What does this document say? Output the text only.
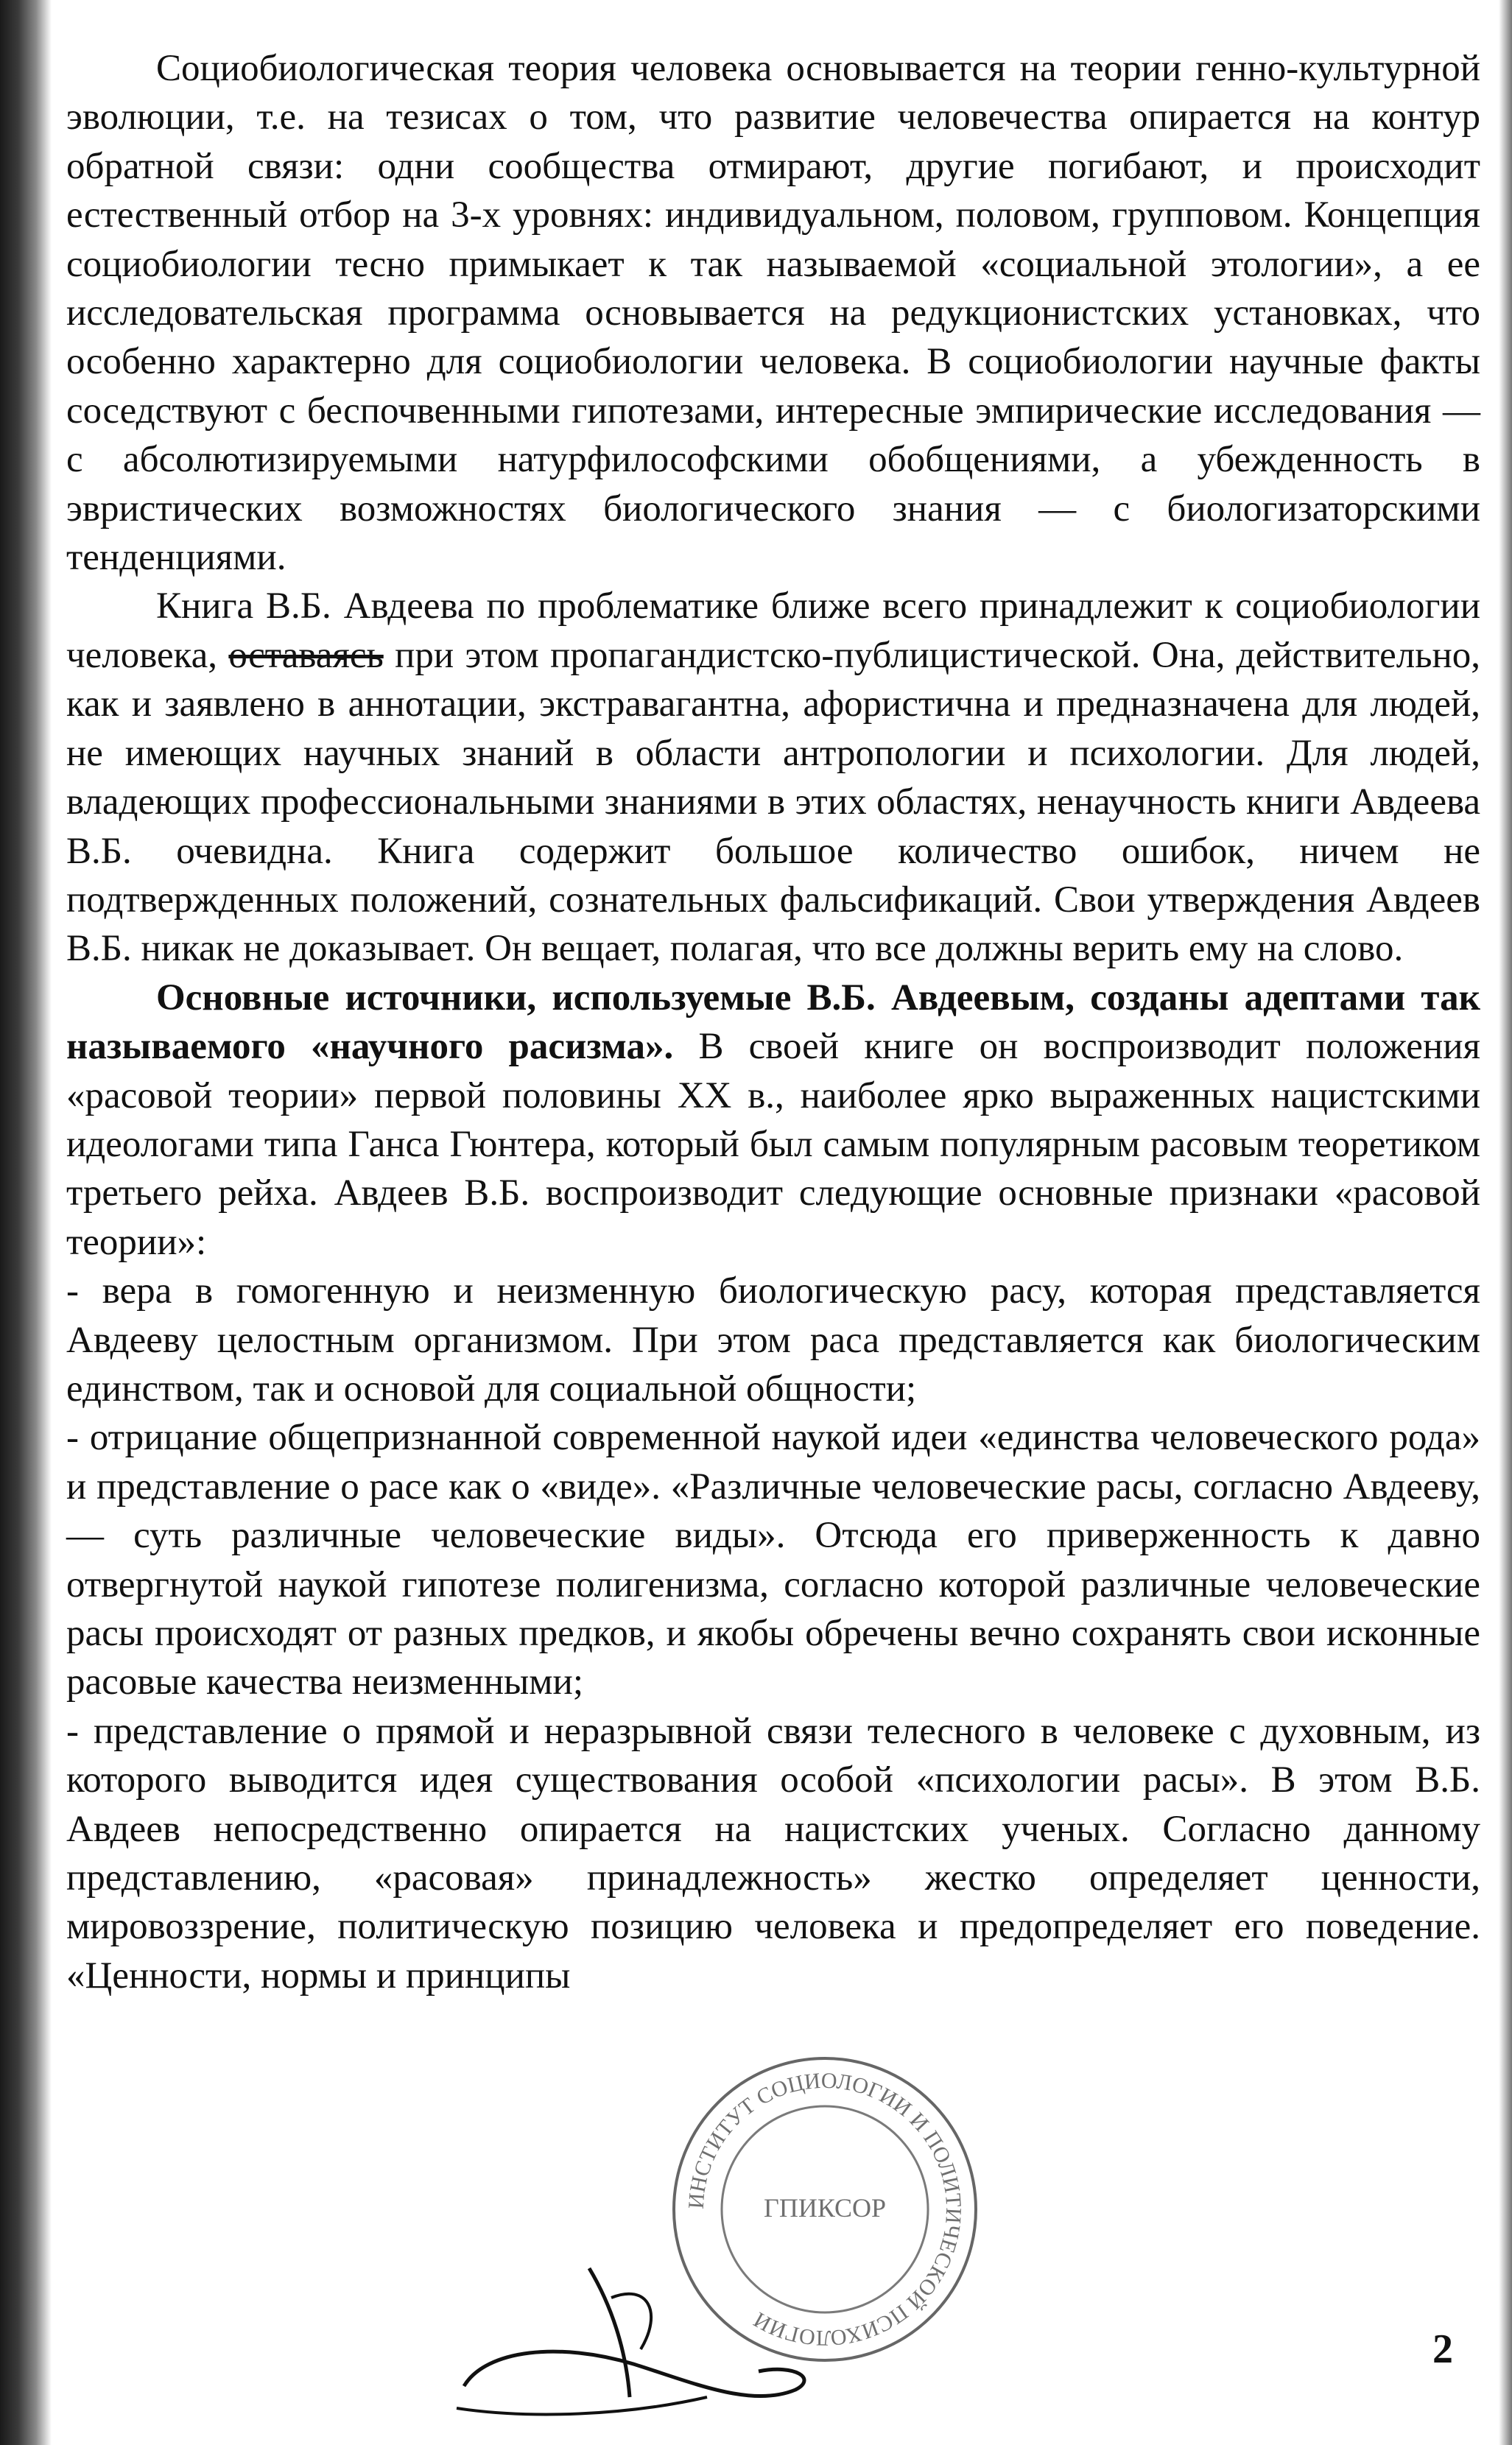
Социобиологическая теория человека основывается на теории генно-культурной эволюции, т.е. на тезисах о том, что развитие человечества опирается на контур обратной связи: одни сообщества отмирают, другие погибают, и происходит естественный отбор на 3-х уровнях: индивидуальном, половом, групповом. Концепция социобиологии тесно примыкает к так называемой «социальной этологии», а ее исследовательская программа основывается на редукционистских установках, что особенно характерно для социобиологии человека. В социобиологии научные факты соседствуют с беспочвенными гипотезами, интересные эмпирические исследования — с абсолютизируемыми натурфилософскими обобщениями, а убежденность в эвристических возможностях биологического знания — с биологизаторскими тенденциями.

Книга В.Б. Авдеева по проблематике ближе всего принадлежит к социобиологии человека, оставаясь при этом пропагандистско-публицистической. Она, действительно, как и заявлено в аннотации, экстравагантна, афористична и предназначена для людей, не имеющих научных знаний в области антропологии и психологии. Для людей, владеющих профессиональными знаниями в этих областях, ненаучность книги Авдеева В.Б. очевидна. Книга содержит большое количество ошибок, ничем не подтвержденных положений, сознательных фальсификаций. Свои утверждения Авдеев В.Б. никак не доказывает. Он вещает, полагая, что все должны верить ему на слово.

Основные источники, используемые В.Б. Авдеевым, созданы адептами так называемого «научного расизма». В своей книге он воспроизводит положения «расовой теории» первой половины XX в., наиболее ярко выраженных нацистскими идеологами типа Ганса Гюнтера, который был самым популярным расовым теоретиком третьего рейха. Авдеев В.Б. воспроизводит следующие основные признаки «расовой теории»:

- вера в гомогенную и неизменную биологическую расу, которая представляется Авдееву целостным организмом. При этом раса представляется как биологическим единством, так и основой для социальной общности;

- отрицание общепризнанной современной наукой идеи «единства человеческого рода» и представление о расе как о «виде». «Различные человеческие расы, согласно Авдееву, — суть различные человеческие виды». Отсюда его приверженность к давно отвергнутой наукой гипотезе полигенизма, согласно которой различные человеческие расы происходят от разных предков, и якобы обречены вечно сохранять свои исконные расовые качества неизменными;

- представление о прямой и неразрывной связи телесного в человеке с духовным, из которого выводится идея существования особой «психологии расы». В этом В.Б. Авдеев непосредственно опирается на нацистских ученых. Согласно данному представлению, «расовая» принадлежность» жестко определяет ценности, мировоззрение, политическую позицию человека и предопределяет его поведение. «Ценности, нормы и принципы

ИНСТИТУТ СОЦИОЛОГИИ И ПОЛИТИЧЕСКОЙ ПСИХОЛОГИИ
ГПИКСОР
2
